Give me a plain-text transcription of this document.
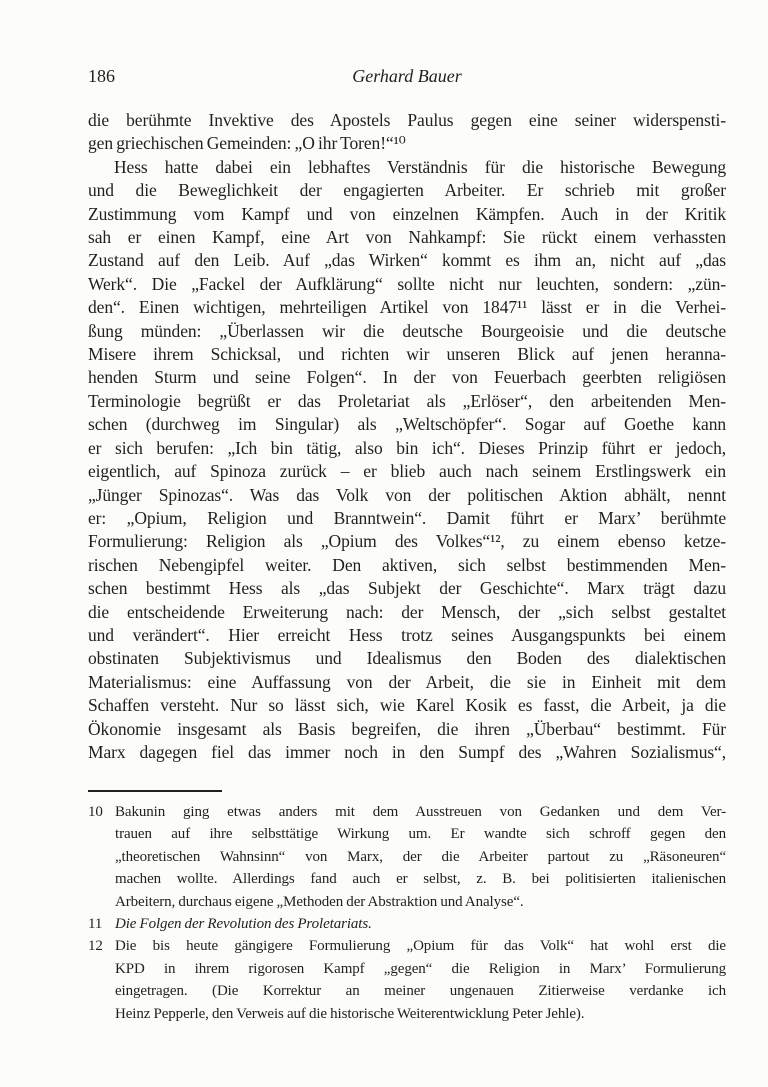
186	Gerhard Bauer
die berühmte Invektive des Apostels Paulus gegen eine seiner widerspensti-
gen griechischen Gemeinden: „O ihr Toren!“¹⁰
Hess hatte dabei ein lebhaftes Verständnis für die historische Bewegung
und die Beweglichkeit der engagierten Arbeiter. Er schrieb mit großer
Zustimmung vom Kampf und von einzelnen Kämpfen. Auch in der Kritik
sah er einen Kampf, eine Art von Nahkampf: Sie rückt einem verhassten
Zustand auf den Leib. Auf „das Wirken“ kommt es ihm an, nicht auf „das
Werk“. Die „Fackel der Aufklärung“ sollte nicht nur leuchten, sondern: „zün-
den“. Einen wichtigen, mehrteiligen Artikel von 1847¹¹ lässt er in die Verhei-
ßung münden: „Überlassen wir die deutsche Bourgeoisie und die deutsche
Misere ihrem Schicksal, und richten wir unseren Blick auf jenen heranna-
henden Sturm und seine Folgen“. In der von Feuerbach geerbten religiösen
Terminologie begrüßt er das Proletariat als „Erlöser“, den arbeitenden Men-
schen (durchweg im Singular) als „Weltschöpfer“. Sogar auf Goethe kann
er sich berufen: „Ich bin tätig, also bin ich“. Dieses Prinzip führt er jedoch,
eigentlich, auf Spinoza zurück – er blieb auch nach seinem Erstlingswerk ein
„Jünger Spinozas“. Was das Volk von der politischen Aktion abhält, nennt
er: „Opium, Religion und Branntwein“. Damit führt er Marx’ berühmte
Formulierung: Religion als „Opium des Volkes“¹², zu einem ebenso ketze-
rischen Nebengipfel weiter. Den aktiven, sich selbst bestimmenden Men-
schen bestimmt Hess als „das Subjekt der Geschichte“. Marx trägt dazu
die entscheidende Erweiterung nach: der Mensch, der „sich selbst gestaltet
und verändert“. Hier erreicht Hess trotz seines Ausgangspunkts bei einem
obstinaten Subjektivismus und Idealismus den Boden des dialektischen
Materialismus: eine Auffassung von der Arbeit, die sie in Einheit mit dem
Schaffen versteht. Nur so lässt sich, wie Karel Kosik es fasst, die Arbeit, ja die
Ökonomie insgesamt als Basis begreifen, die ihren „Überbau“ bestimmt. Für
Marx dagegen fiel das immer noch in den Sumpf des „Wahren Sozialismus“,
10 Bakunin ging etwas anders mit dem Ausstreuen von Gedanken und dem Ver-
trauen auf ihre selbsttätige Wirkung um. Er wandte sich schroff gegen den
„theoretischen Wahnsinn“ von Marx, der die Arbeiter partout zu „Räsoneuren“
machen wollte. Allerdings fand auch er selbst, z. B. bei politisierten italienischen
Arbeitern, durchaus eigene „Methoden der Abstraktion und Analyse“.
11 Die Folgen der Revolution des Proletariats.
12 Die bis heute gängigere Formulierung „Opium für das Volk“ hat wohl erst die
KPD in ihrem rigorosen Kampf „gegen“ die Religion in Marx’ Formulierung
eingetragen. (Die Korrektur an meiner ungenauen Zitierweise verdanke ich
Heinz Pepperle, den Verweis auf die historische Weiterentwicklung Peter Jehle).
